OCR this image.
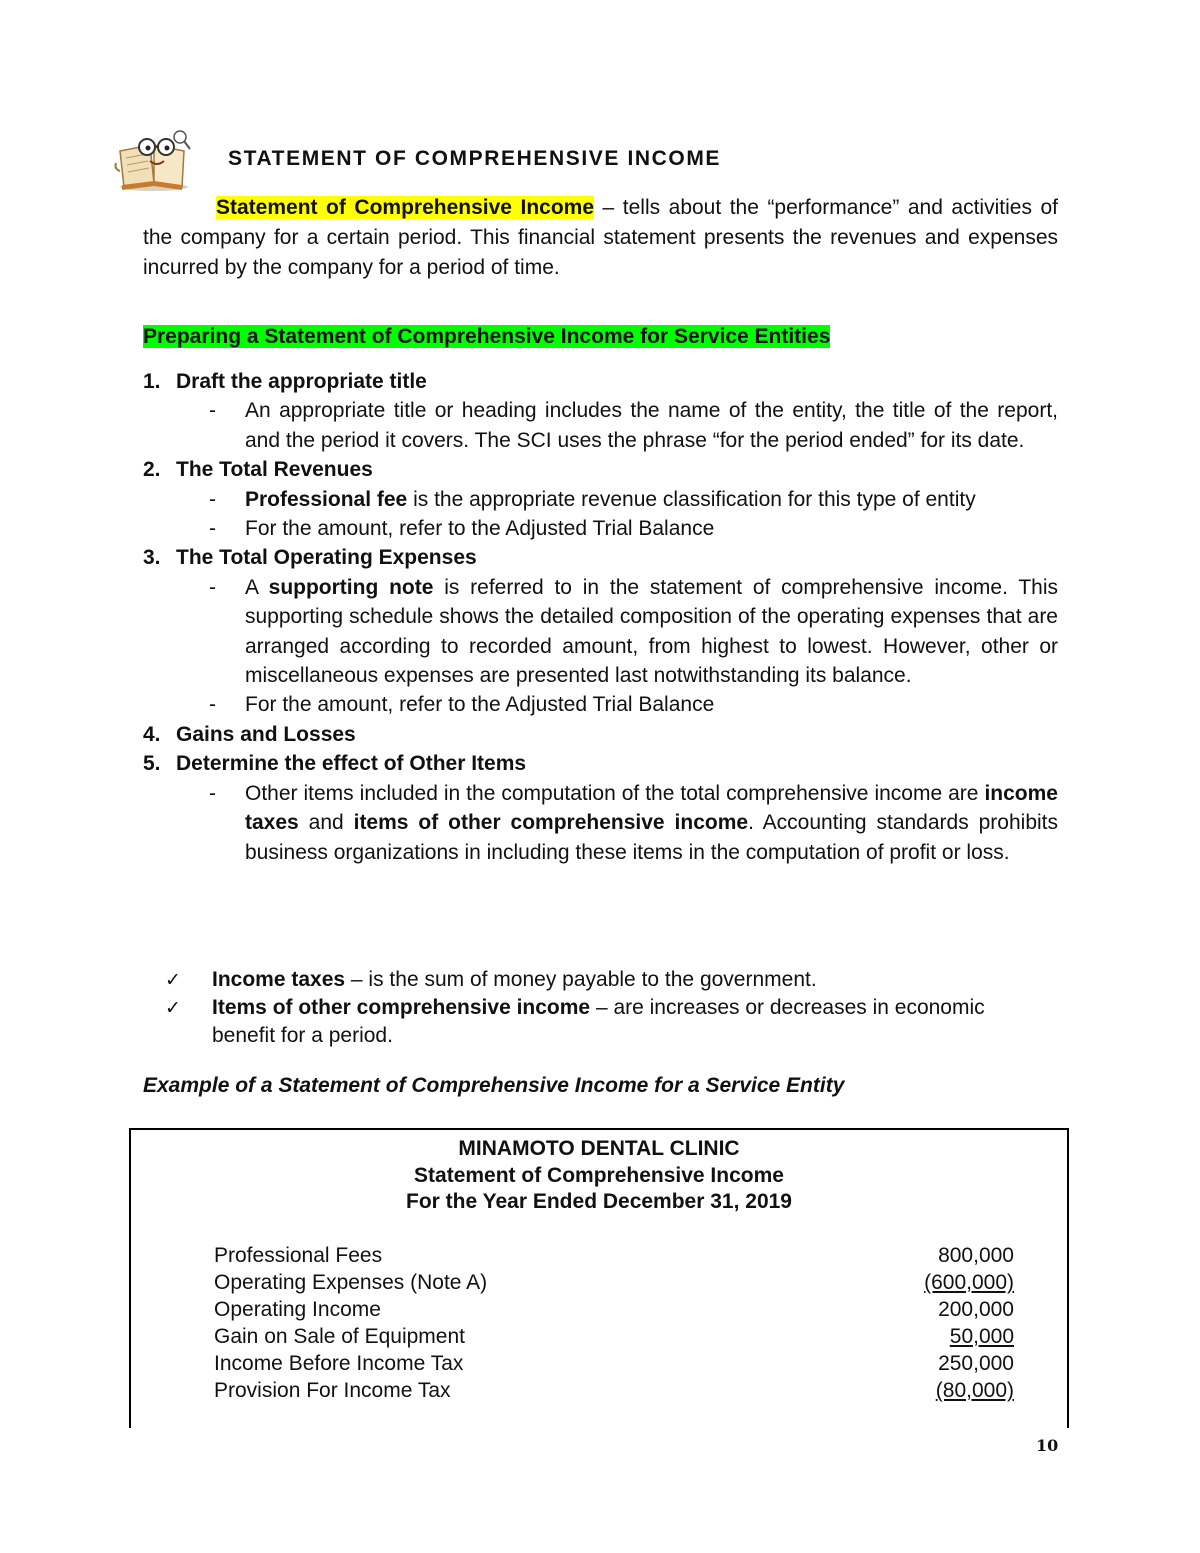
STATEMENT OF COMPREHENSIVE INCOME

Statement of Comprehensive Income – tells about the “performance” and activities of the company for a certain period. This financial statement presents the revenues and expenses incurred by the company for a period of time.

Preparing a Statement of Comprehensive Income for Service Entities

1. Draft the appropriate title
-	An appropriate title or heading includes the name of the entity, the title of the report, and the period it covers. The SCI uses the phrase “for the period ended” for its date.
2. The Total Revenues
-	Professional fee is the appropriate revenue classification for this type of entity
-	For the amount, refer to the Adjusted Trial Balance
3. The Total Operating Expenses
-	A supporting note is referred to in the statement of comprehensive income. This supporting schedule shows the detailed composition of the operating expenses that are arranged according to recorded amount, from highest to lowest. However, other or miscellaneous expenses are presented last notwithstanding its balance.
-	For the amount, refer to the Adjusted Trial Balance
4. Gains and Losses
5. Determine the effect of Other Items
-	Other items included in the computation of the total comprehensive income are income taxes and items of other comprehensive income. Accounting standards prohibits business organizations in including these items in the computation of profit or loss.
✓	Income taxes – is the sum of money payable to the government.
✓	Items of other comprehensive income – are increases or decreases in economic benefit for a period.

Example of a Statement of Comprehensive Income for a Service Entity

MINAMOTO DENTAL CLINIC
Statement of Comprehensive Income
For the Year Ended December 31, 2019
Professional Fees	800,000
Operating Expenses (Note A)	(600,000)
Operating Income	200,000
Gain on Sale of Equipment	50,000
Income Before Income Tax	250,000
Provision For Income Tax	(80,000)

10
